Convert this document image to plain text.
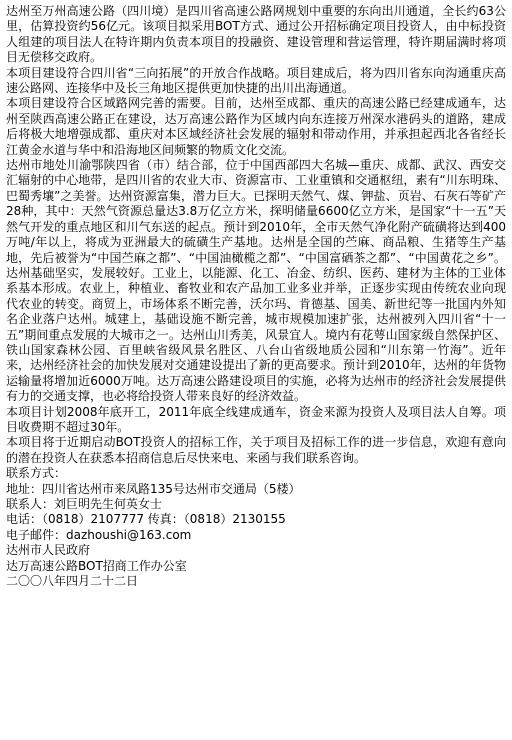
达州至万州高速公路（四川境）是四川省高速公路网规划中重要的东向出川通道，全长约63公里，估算投资约56亿元。该项目拟采用BOT方式、通过公开招标确定项目投资人，由中标投资人组建的项目法人在特许期内负责本项目的投融资、建设管理和营运管理，特许期届满时将项目无偿移交政府。

本项目建设符合四川省“三向拓展”的开放合作战略。项目建成后，将为四川省东向沟通重庆高速公路网、连接华中及长三角地区提供更加快捷的出川出海通道。

本项目建设符合区域路网完善的需要。目前，达州至成都、重庆的高速公路已经建成通车，达州至陕西高速公路正在建设，达万高速公路作为区域内向东连接万州深水港码头的道路，建成后将极大地增强成都、重庆对本区域经济社会发展的辐射和带动作用，并承担起西北各省经长江黄金水道与华中和沿海地区间频繁的物质文化交流。

达州市地处川渝鄂陕四省（市）结合部，位于中国西部四大名城—重庆、成都、武汉、西安交汇辐射的中心地带，是四川省的农业大市、资源富市、工业重镇和交通枢纽，素有“川东明珠、巴蜀秀壤”之美誉。达州资源富集，潜力巨大。已探明天然气、煤、钾盐、页岩、石灰石等矿产28种，其中：天然气资源总量达3.8万亿立方米，探明储量6600亿立方米，是国家“十一五”天然气开发的重点地区和川气东送的起点。预计到2010年，全市天然气净化附产硫磺将达到400万吨/年以上，将成为亚洲最大的硫磺生产基地。达州是全国的苎麻、商品粮、生猪等生产基地，先后被誉为“中国苎麻之都”、“中国油橄榄之都”、“中国富硒茶之都”、“中国黄花之乡”。达州基础坚实，发展较好。工业上，以能源、化工、冶金、纺织、医药、建材为主体的工业体系基本形成。农业上，种植业、畜牧业和农产品加工业多业并举，正逐步实现由传统农业向现代农业的转变。商贸上，市场体系不断完善，沃尔玛、肯德基、国美、新世纪等一批国内外知名企业落户达州。城建上，基础设施不断完善，城市规模加速扩张，达州被列入四川省“十一五”期间重点发展的大城市之一。达州山川秀美，风景宜人。境内有花萼山国家级自然保护区、铁山国家森林公园、百里峡省级风景名胜区、八台山省级地质公园和“川东第一竹海”。近年来，达州经济社会的加快发展对交通建设提出了新的更高要求。预计到2010年，达州的年货物运输量将增加近6000万吨。达万高速公路建设项目的实施，必将为达州市的经济社会发展提供有力的交通支撑，也必将给投资人带来良好的经济效益。

本项目计划2008年底开工，2011年底全线建成通车，资金来源为投资人及项目法人自筹。项目收费期不超过30年。

本项目将于近期启动BOT投资人的招标工作，关于项目及招标工作的进一步信息，欢迎有意向的潜在投资人在获悉本招商信息后尽快来电、来函与我们联系咨询。

联系方式：

地址：四川省达州市来凤路135号达州市交通局（5楼）

联系人：刘巨明先生何英女士

电话：（0818）2107777 传真：（0818）2130155

电子邮件：dazhoushi@163.com

达州市人民政府

达万高速公路BOT招商工作办公室

二〇〇八年四月二十二日
